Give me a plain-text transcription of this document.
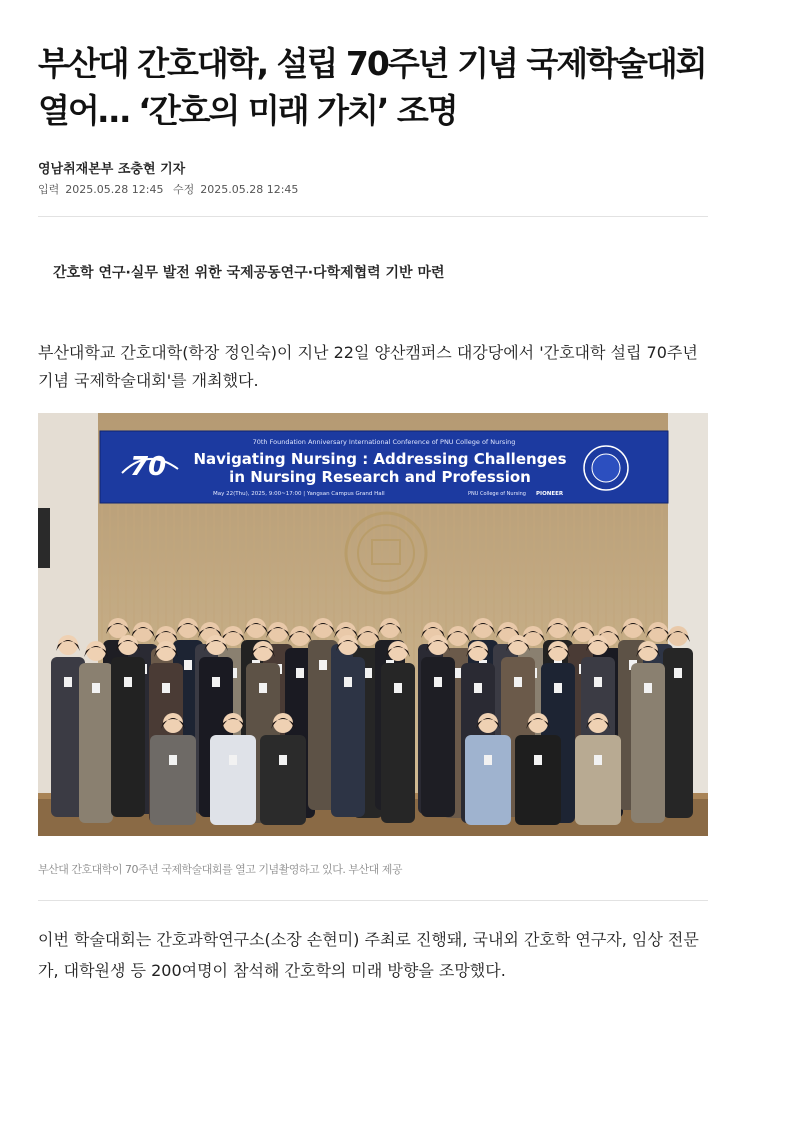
부산대 간호대학, 설립 70주년 기념 국제학술대회 열어… ‘간호의 미래 가치’ 조명
영남취재본부 조충현 기자
입력 2025.05.28 12:45 수정 2025.05.28 12:45
간호학 연구·실무 발전 위한 국제공동연구·다학제협력 기반 마련
부산대학교 간호대학(학장 정인숙)이 지난 22일 양산캠퍼스 대강당에서 '간호대학 설립 70주년 기념 국제학술대회'를 개최했다.
70
70th Foundation Anniversary International Conference of PNU College of Nursing
Navigating Nursing : Addressing Challenges
in Nursing Research and Profession
May 22(Thu), 2025, 9:00~17:00 | Yangsan Campus Grand Hall	PNU College of Nursing PIONEER
부산대 간호대학이 70주년 국제학술대회를 열고 기념촬영하고 있다. 부산대 제공
이번 학술대회는 간호과학연구소(소장 손현미) 주최로 진행돼, 국내외 간호학 연구자, 임상 전문가, 대학원생 등 200여명이 참석해 간호학의 미래 방향을 조망했다.
